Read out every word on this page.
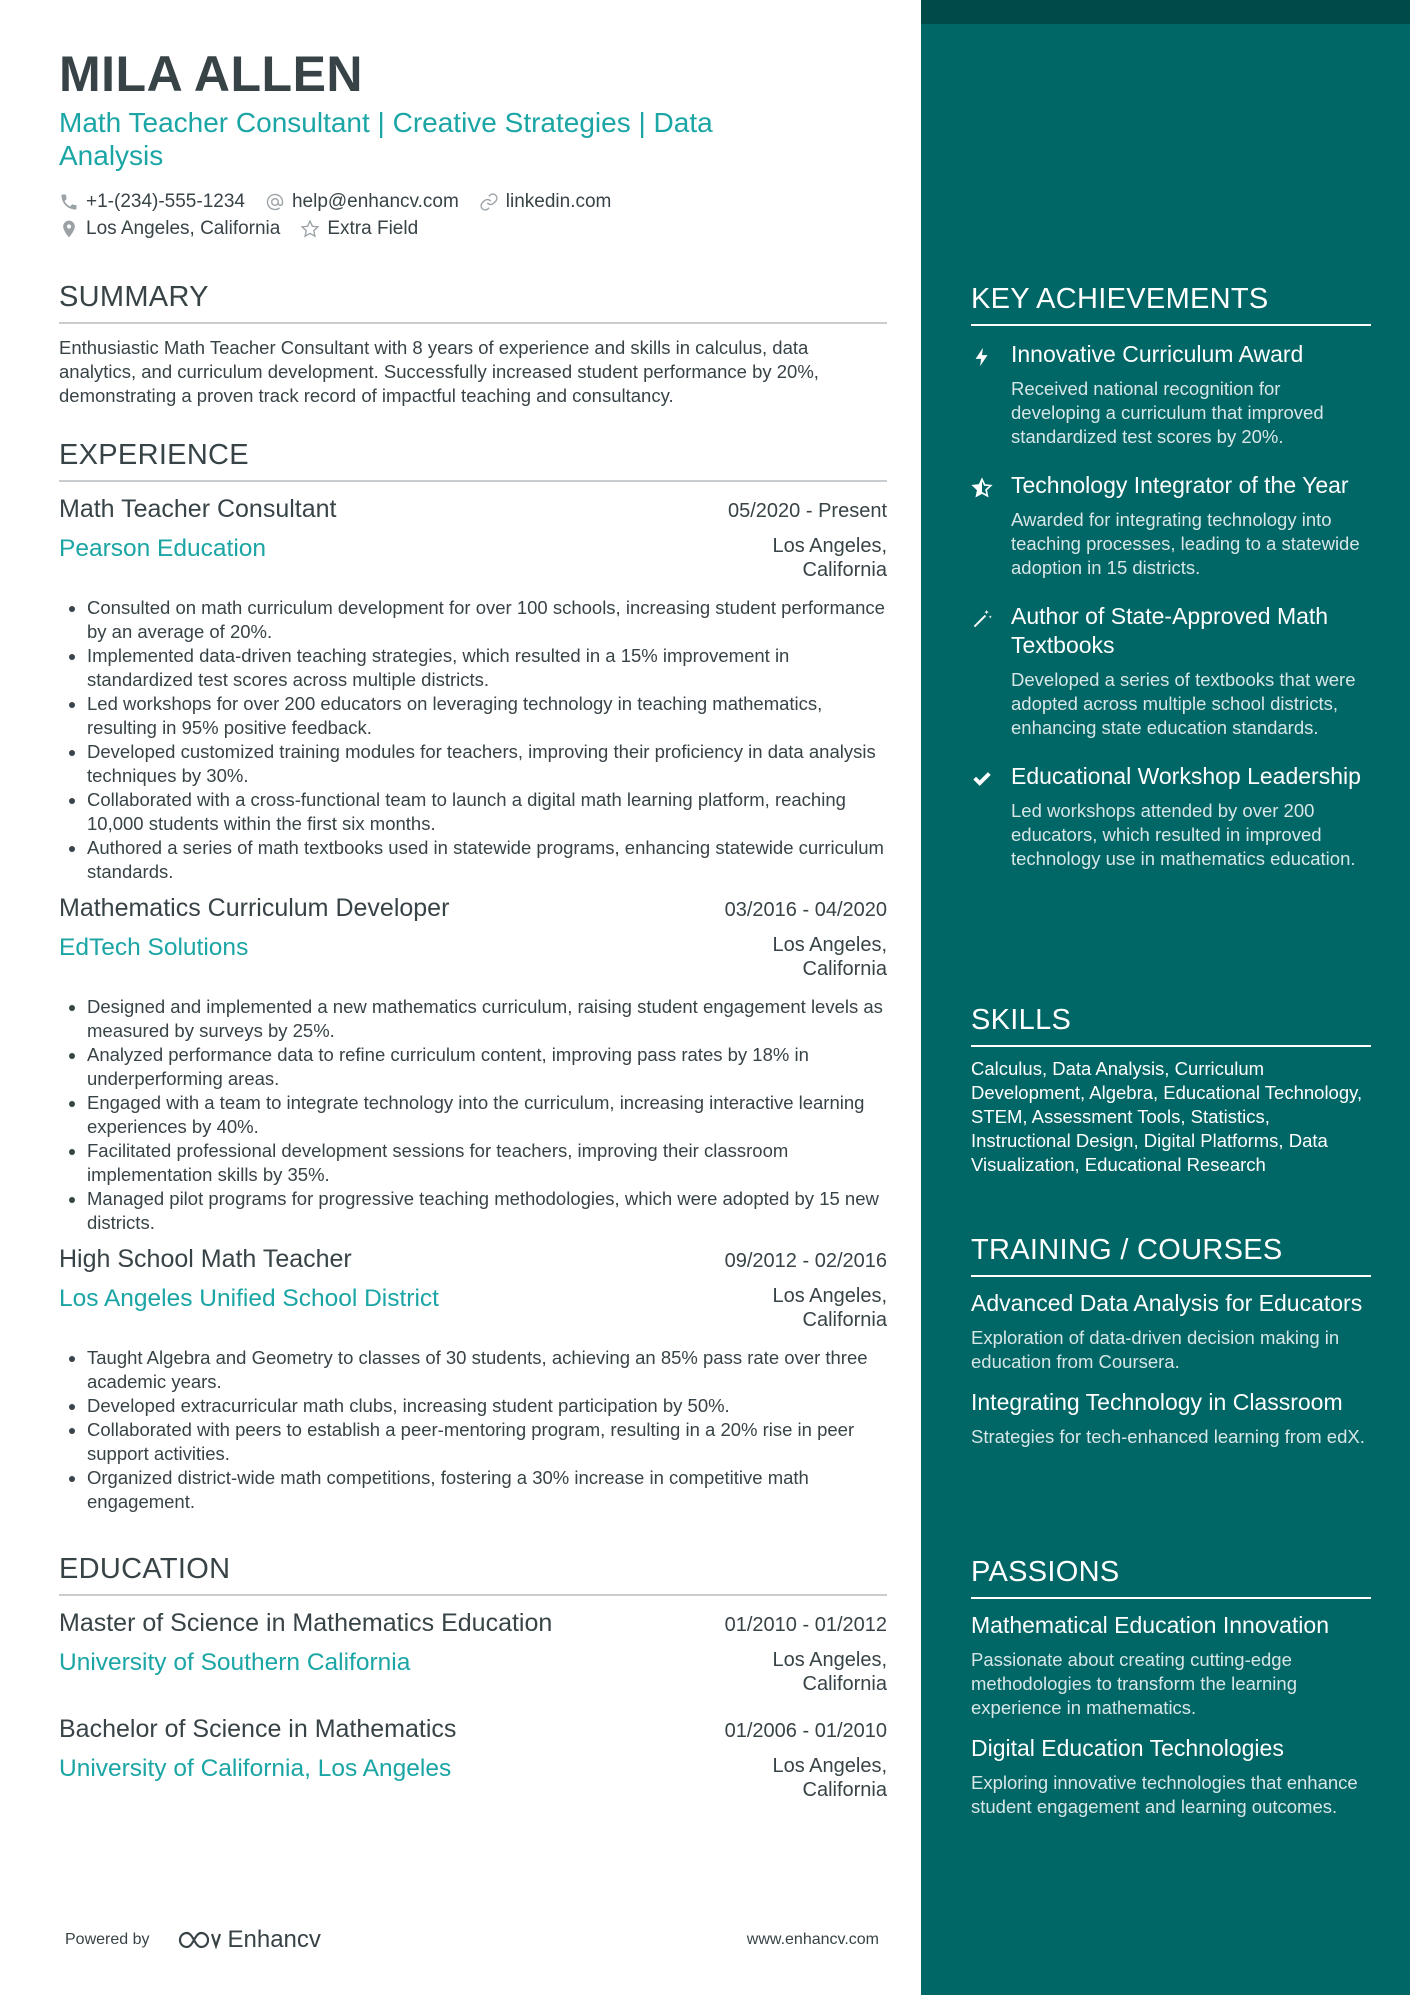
MILA ALLEN
Math Teacher Consultant | Creative Strategies | Data Analysis
+1-(234)-555-1234 help@enhancv.com linkedin.com
Los Angeles, California Extra Field
SUMMARY
Enthusiastic Math Teacher Consultant with 8 years of experience and skills in calculus, data analytics, and curriculum development. Successfully increased student performance by 20%, demonstrating a proven track record of impactful teaching and consultancy.
EXPERIENCE
Math Teacher Consultant	05/2020 - Present
Pearson Education	Los Angeles, California
• Consulted on math curriculum development for over 100 schools, increasing student performance by an average of 20%.
• Implemented data-driven teaching strategies, which resulted in a 15% improvement in standardized test scores across multiple districts.
• Led workshops for over 200 educators on leveraging technology in teaching mathematics, resulting in 95% positive feedback.
• Developed customized training modules for teachers, improving their proficiency in data analysis techniques by 30%.
• Collaborated with a cross-functional team to launch a digital math learning platform, reaching 10,000 students within the first six months.
• Authored a series of math textbooks used in statewide programs, enhancing statewide curriculum standards.
Mathematics Curriculum Developer	03/2016 - 04/2020
EdTech Solutions	Los Angeles, California
• Designed and implemented a new mathematics curriculum, raising student engagement levels as measured by surveys by 25%.
• Analyzed performance data to refine curriculum content, improving pass rates by 18% in underperforming areas.
• Engaged with a team to integrate technology into the curriculum, increasing interactive learning experiences by 40%.
• Facilitated professional development sessions for teachers, improving their classroom implementation skills by 35%.
• Managed pilot programs for progressive teaching methodologies, which were adopted by 15 new districts.
High School Math Teacher	09/2012 - 02/2016
Los Angeles Unified School District	Los Angeles, California
• Taught Algebra and Geometry to classes of 30 students, achieving an 85% pass rate over three academic years.
• Developed extracurricular math clubs, increasing student participation by 50%.
• Collaborated with peers to establish a peer-mentoring program, resulting in a 20% rise in peer support activities.
• Organized district-wide math competitions, fostering a 30% increase in competitive math engagement.
EDUCATION
Master of Science in Mathematics Education	01/2010 - 01/2012
University of Southern California	Los Angeles, California
Bachelor of Science in Mathematics	01/2006 - 01/2010
University of California, Los Angeles	Los Angeles, California
Powered by	Enhancv	www.enhancv.com
KEY ACHIEVEMENTS
Innovative Curriculum Award
Received national recognition for developing a curriculum that improved standardized test scores by 20%.
Technology Integrator of the Year
Awarded for integrating technology into teaching processes, leading to a statewide adoption in 15 districts.
Author of State-Approved Math Textbooks
Developed a series of textbooks that were adopted across multiple school districts, enhancing state education standards.
Educational Workshop Leadership
Led workshops attended by over 200 educators, which resulted in improved technology use in mathematics education.
SKILLS
Calculus, Data Analysis, Curriculum Development, Algebra, Educational Technology, STEM, Assessment Tools, Statistics, Instructional Design, Digital Platforms, Data Visualization, Educational Research
TRAINING / COURSES
Advanced Data Analysis for Educators
Exploration of data-driven decision making in education from Coursera.
Integrating Technology in Classroom
Strategies for tech-enhanced learning from edX.
PASSIONS
Mathematical Education Innovation
Passionate about creating cutting-edge methodologies to transform the learning experience in mathematics.
Digital Education Technologies
Exploring innovative technologies that enhance student engagement and learning outcomes.
